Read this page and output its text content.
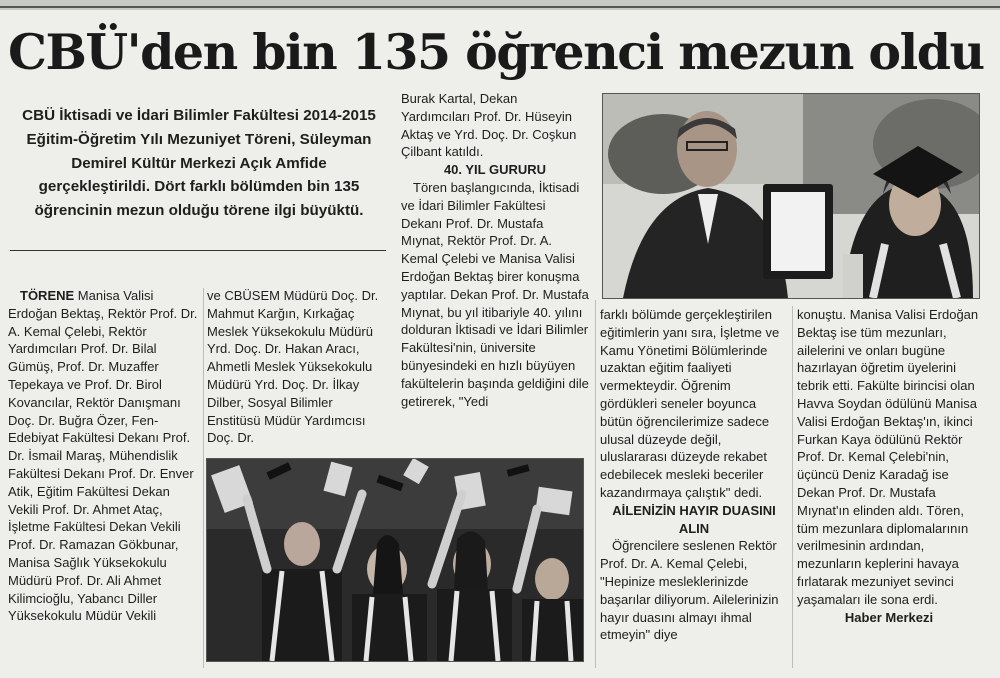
CBÜ'den bin 135 öğrenci mezun oldu

CBÜ İktisadi ve İdari Bilimler Fakültesi 2014-2015 Eğitim-Öğretim Yılı Mezuniyet Töreni, Süleyman Demirel Kültür Merkezi Açık Amfide gerçekleştirildi. Dört farklı bölümden bin 135 öğrencinin mezun olduğu törene ilgi büyüktü.

TÖRENE Manisa Valisi Erdoğan Bektaş, Rektör Prof. Dr. A. Kemal Çelebi, Rektör Yardımcıları Prof. Dr. Bilal Gümüş, Prof. Dr. Muzaffer Tepekaya ve Prof. Dr. Birol Kovancılar, Rektör Danışmanı Doç. Dr. Buğra Özer, Fen-Edebiyat Fakültesi Dekanı Prof. Dr. İsmail Maraş, Mühendislik Fakültesi Dekanı Prof. Dr. Enver Atik, Eğitim Fakültesi Dekan Vekili Prof. Dr. Ahmet Ataç, İşletme Fakültesi Dekan Vekili Prof. Dr. Ramazan Gökbunar, Manisa Sağlık Yüksekokulu Müdürü Prof. Dr. Ali Ahmet Kilimcioğlu, Yabancı Diller Yüksekokulu Müdür Vekili

ve CBÜSEM Müdürü Doç. Dr. Mahmut Karğın, Kırkağaç Meslek Yüksekokulu Müdürü Yrd. Doç. Dr. Hakan Aracı, Ahmetli Meslek Yüksekokulu Müdürü Yrd. Doç. Dr. İlkay Dilber, Sosyal Bilimler Enstitüsü Müdür Yardımcısı Doç. Dr.

Burak Kartal, Dekan Yardımcıları Prof. Dr. Hüseyin Aktaş ve Yrd. Doç. Dr. Coşkun Çilbant katıldı.

40. YIL GURURU

Tören başlangıcında, İktisadi ve İdari Bilimler Fakültesi Dekanı Prof. Dr. Mustafa Mıynat, Rektör Prof. Dr. A. Kemal Çelebi ve Manisa Valisi Erdoğan Bektaş birer konuşma yaptılar. Dekan Prof. Dr. Mustafa Mıynat, bu yıl itibariyle 40. yılını dolduran İktisadi ve İdari Bilimler Fakültesi'nin, üniversite bünyesindeki en hızlı büyüyen fakültelerin başında geldiğini dile getirerek, "Yedi

farklı bölümde gerçekleştirilen eğitimlerin yanı sıra, İşletme ve Kamu Yönetimi Bölümlerinde uzaktan eğitim faaliyeti vermekteydir. Öğrenim gördükleri seneler boyunca bütün öğrencilerimize sadece ulusal düzeyde değil, uluslararası düzeyde rekabet edebilecek mesleki beceriler kazandırmaya çalıştık" dedi.

AİLENİZİN HAYIR DUASINI ALIN

Öğrencilere seslenen Rektör Prof. Dr. A. Kemal Çelebi, "Hepinize mesleklerinizde başarılar diliyorum. Ailelerinizin hayır duasını almayı ihmal etmeyin" diye

konuştu. Manisa Valisi Erdoğan Bektaş ise tüm mezunları, ailelerini ve onları bugüne hazırlayan öğretim üyelerini tebrik etti. Fakülte birincisi olan Havva Soydan ödülünü Manisa Valisi Erdoğan Bektaş'ın, ikinci Furkan Kaya ödülünü Rektör Prof. Dr. Kemal Çelebi'nin, üçüncü Deniz Karadağ ise Dekan Prof. Dr. Mustafa Mıynat'ın elinden aldı. Tören, tüm mezunlara diplomalarının verilmesinin ardından, mezunların keplerini havaya fırlatarak mezuniyet sevinci yaşamaları ile sona erdi.

Haber Merkezi
